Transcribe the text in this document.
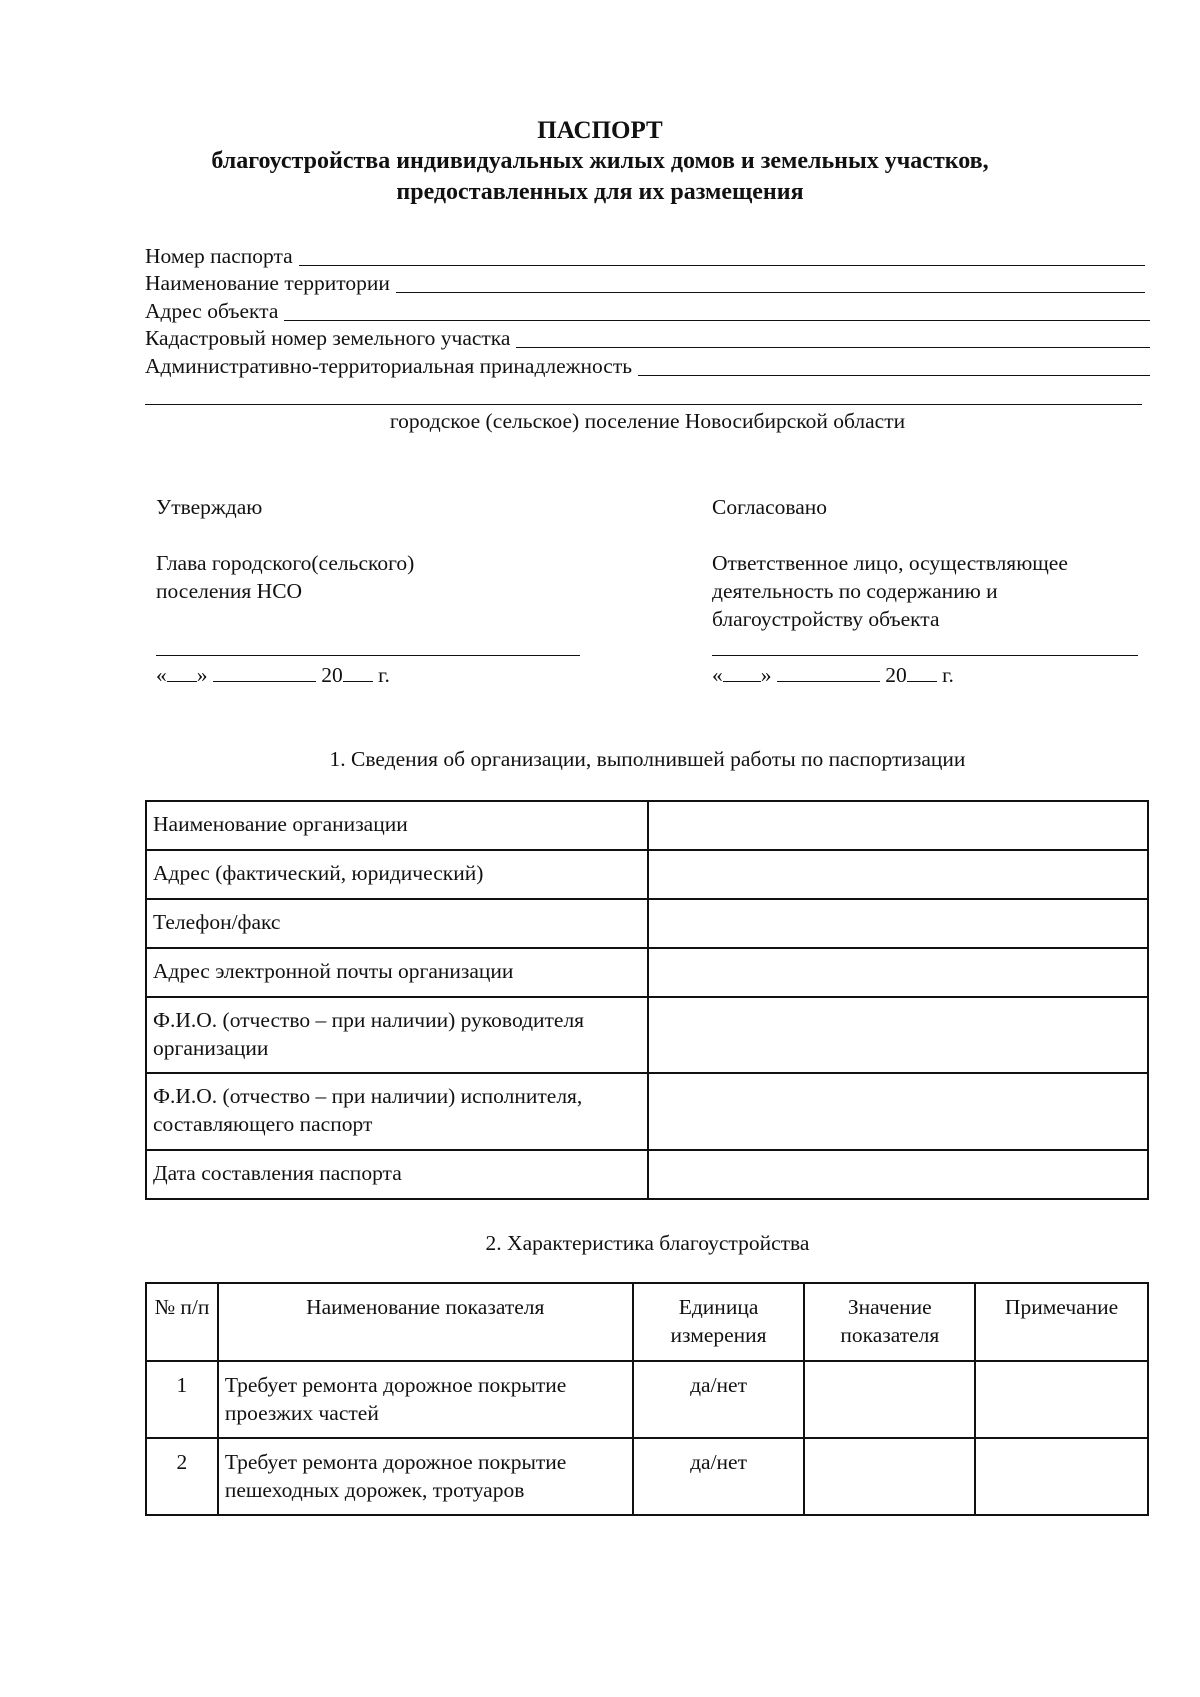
ПАСПОРТ
благоустройства индивидуальных жилых домов и земельных участков,
предоставленных для их размещения
Номер паспорта
Наименование территории
Адрес объекта
Кадастровый номер земельного участка
Административно-территориальная принадлежность
городское (сельское) поселение Новосибирской области
Утверждаю
Глава городского(сельского)
поселения НСО
« »	20 г.
Согласовано
Ответственное лицо, осуществляющее
деятельность по содержанию и
благоустройству объекта
« »	20 г.
1. Сведения об организации, выполнившей работы по паспортизации
Наименование организации	
Адрес (фактический, юридический)	
Телефон/факс	
Адрес электронной почты организации	
Ф.И.О. (отчество – при наличии) руководителя организации	
Ф.И.О. (отчество – при наличии) исполнителя, составляющего паспорт	
Дата составления паспорта	
2. Характеристика благоустройства
№ п/п	Наименование показателя	Единица измерения	Значение показателя	Примечание
1	Требует ремонта дорожное покрытие проезжих частей	да/нет		
2	Требует ремонта дорожное покрытие пешеходных дорожек, тротуаров	да/нет		
